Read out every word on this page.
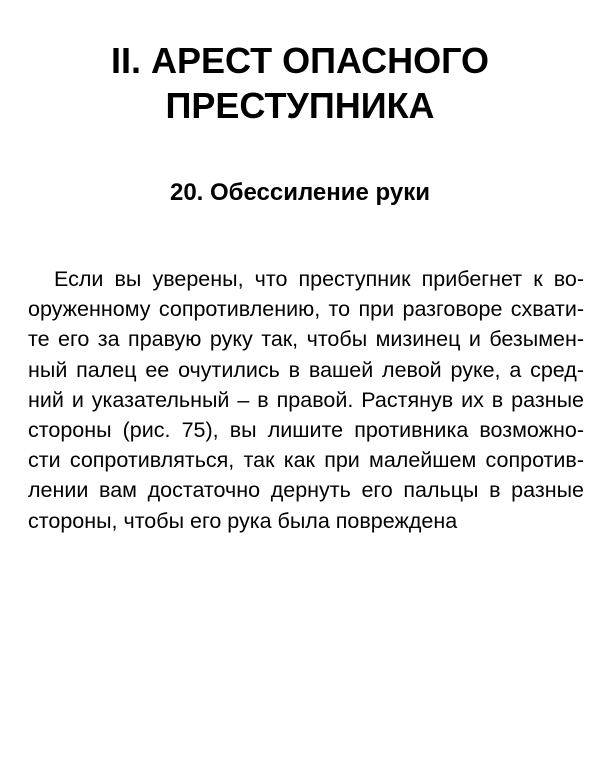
II. АРЕСТ ОПАСНОГО
ПРЕСТУПНИКА
20. Обессиление руки

Если вы уверены, что преступник прибегнет к во-
оруженному сопротивлению, то при разговоре схвати-
те его за правую руку так, чтобы мизинец и безымен-
ный палец ее очутились в вашей левой руке, а сред-
ний и указательный – в правой. Растянув их в разные
стороны (рис. 75), вы лишите противника возможно-
сти сопротивляться, так как при малейшем сопротив-
лении вам достаточно дернуть его пальцы в разные
стороны, чтобы его рука была повреждена
